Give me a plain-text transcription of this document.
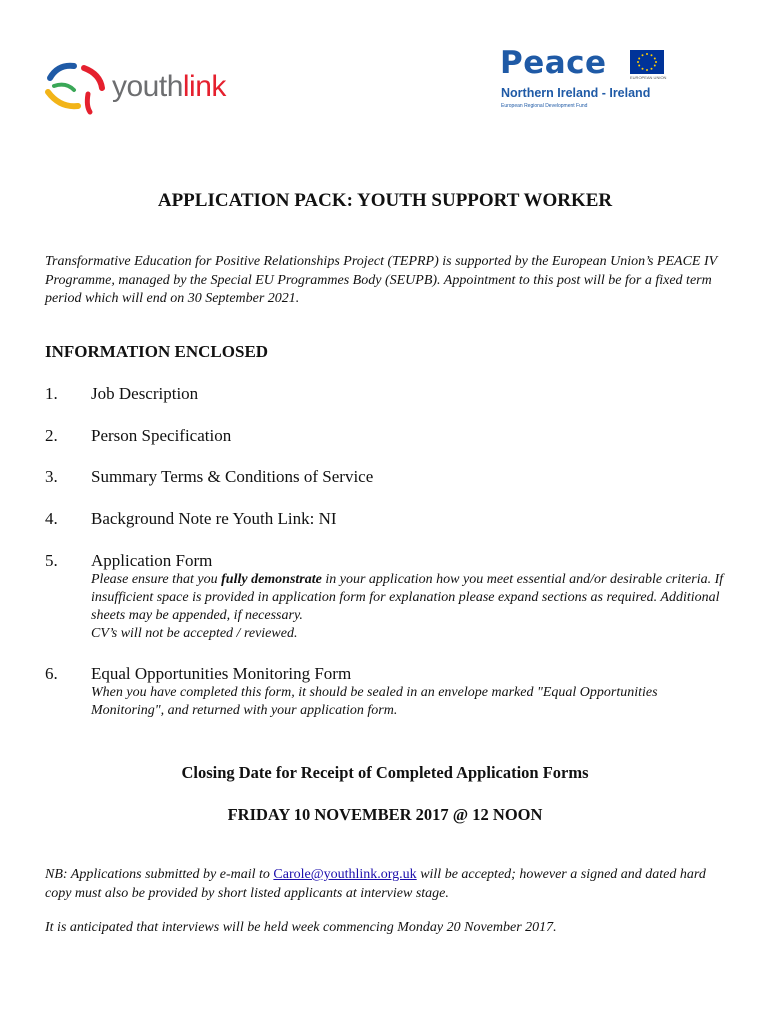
youthlink
Peace	EUROPEAN UNION
Northern Ireland - Ireland
European Regional Development Fund
APPLICATION PACK: YOUTH SUPPORT WORKER
Transformative Education for Positive Relationships Project (TEPRP) is supported by the European Union’s PEACE IV Programme, managed by the Special EU Programmes Body (SEUPB). Appointment to this post will be for a fixed term period which will end on 30 September 2021.
INFORMATION ENCLOSED
1. Job Description
2. Person Specification
3. Summary Terms & Conditions of Service
4. Background Note re Youth Link: NI
5. Application Form

Please ensure that you fully demonstrate in your application how you meet essential and/or desirable criteria. If insufficient space is provided in application form for explanation please expand sections as required. Additional sheets may be appended, if necessary.

CV’s will not be accepted / reviewed.

6. Equal Opportunities Monitoring Form
When you have completed this form, it should be sealed in an envelope marked "Equal Opportunities Monitoring", and returned with your application form.
Closing Date for Receipt of Completed Application Forms
FRIDAY 10 NOVEMBER 2017 @ 12 NOON
NB: Applications submitted by e-mail to Carole@youthlink.org.uk will be accepted; however a signed and dated hard copy must also be provided by short listed applicants at interview stage.
It is anticipated that interviews will be held week commencing Monday 20 November 2017.
